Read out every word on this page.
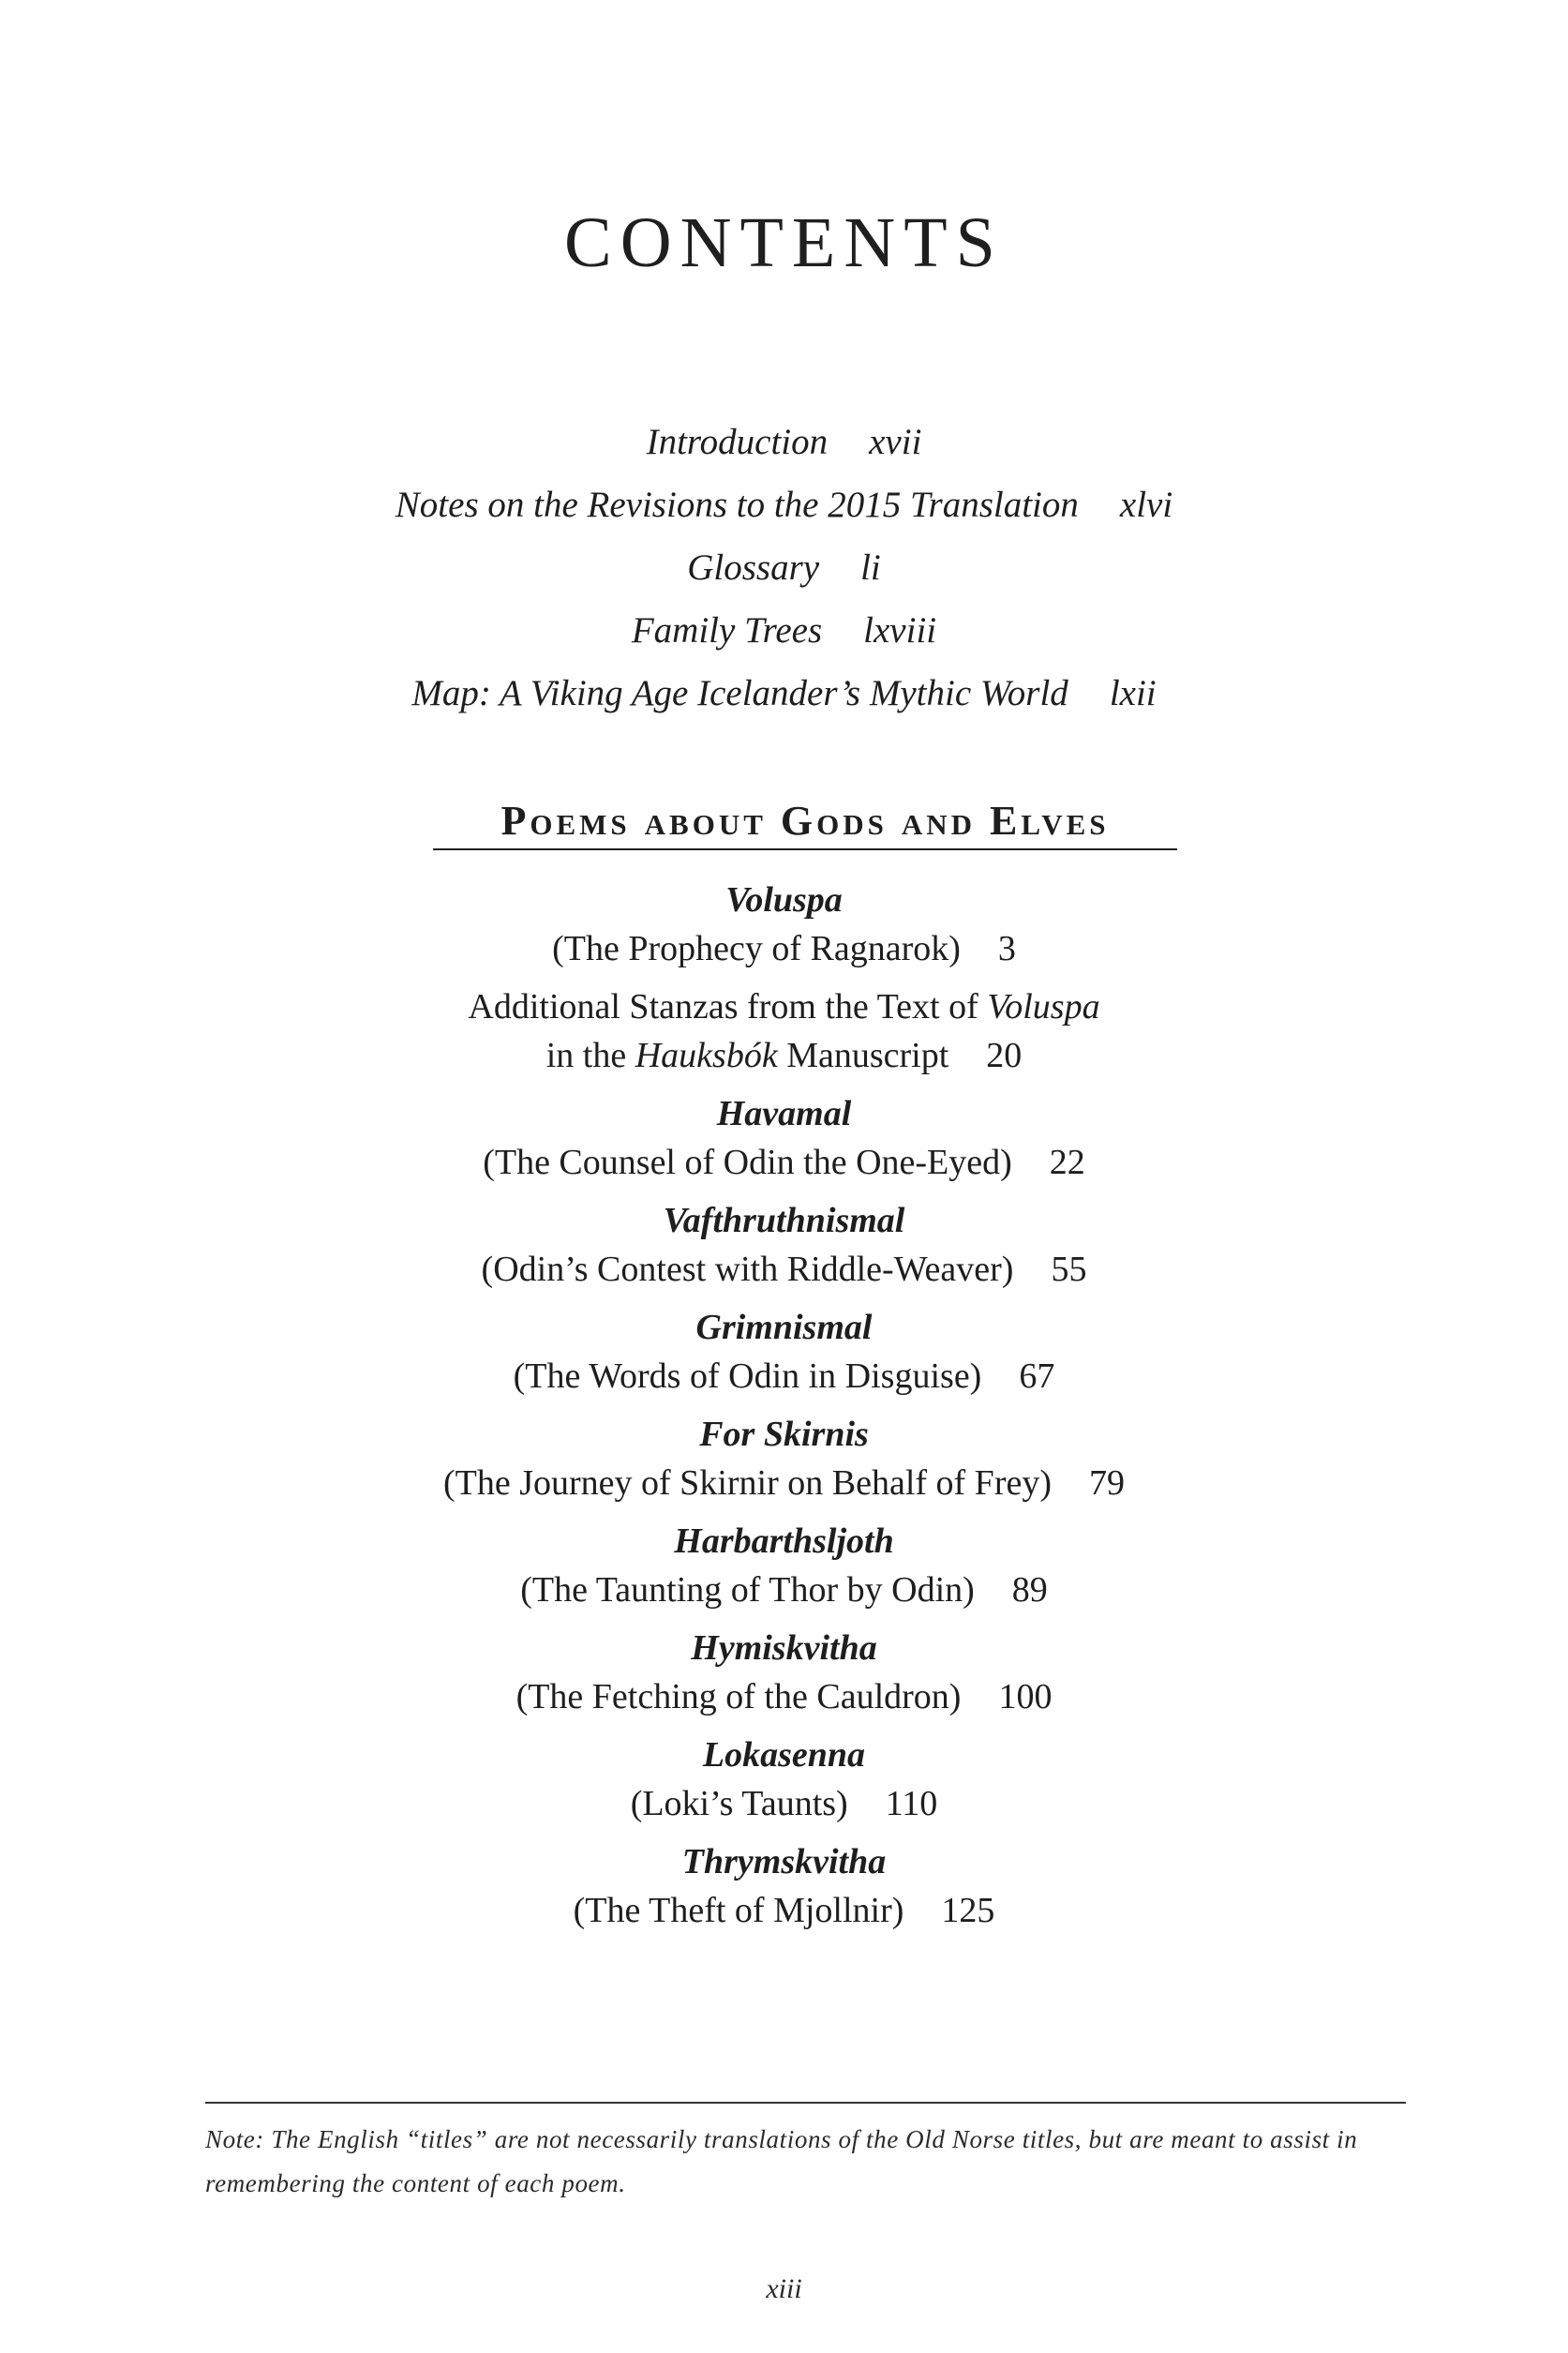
CONTENTS
Introduction xvii
Notes on the Revisions to the 2015 Translation xlvi
Glossary li
Family Trees lxviii
Map: A Viking Age Icelander’s Mythic World lxii
Poems about Gods and Elves
Voluspa
(The Prophecy of Ragnarok) 3
Additional Stanzas from the Text of Voluspa
in the Hauksbók Manuscript 20
Havamal
(The Counsel of Odin the One-Eyed) 22
Vafthruthnismal
(Odin’s Contest with Riddle-Weaver) 55
Grimnismal
(The Words of Odin in Disguise) 67
For Skirnis
(The Journey of Skirnir on Behalf of Frey) 79
Harbarthsljoth
(The Taunting of Thor by Odin) 89
Hymiskvitha
(The Fetching of the Cauldron) 100
Lokasenna
(Loki’s Taunts) 110
Thrymskvitha
(The Theft of Mjollnir) 125
Note: The English “titles” are not necessarily translations of the Old Norse titles, but are meant to assist in
remembering the content of each poem.
xiii
